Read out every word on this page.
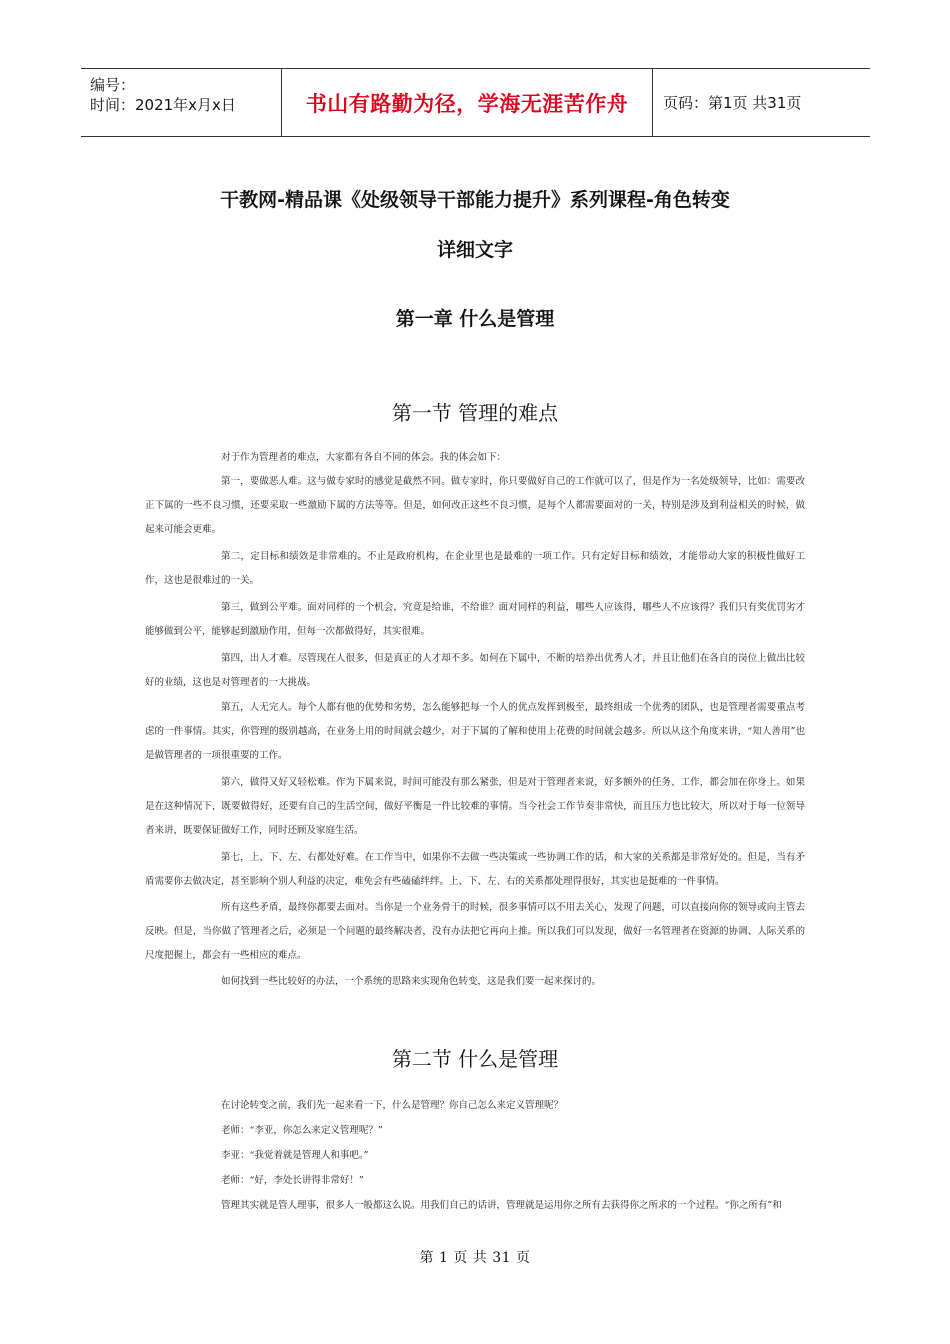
编号：
时间：2021年x月x日	书山有路勤为径，学海无涯苦作舟 页码：第1页 共31页
干教网-精品课《处级领导干部能力提升》系列课程-角色转变
详细文字
第一章 什么是管理
第一节 管理的难点

对于作为管理者的难点，大家都有各自不同的体会。我的体会如下：

第一，要做恶人难。这与做专家时的感觉是截然不同。做专家时，你只要做好自己的工作就可以了，但是作为一名处级领导，比如：需要改正下属的一些不良习惯，还要采取一些激励下属的方法等等。但是，如何改正这些不良习惯，是每个人都需要面对的一关，特别是涉及到利益相关的时候，做起来可能会更难。

第二，定目标和绩效是非常难的。不止是政府机构，在企业里也是最难的一项工作。只有定好目标和绩效，才能带动大家的积极性做好工作，这也是很难过的一关。

第三，做到公平难。面对同样的一个机会，究竟是给谁，不给谁？面对同样的利益，哪些人应该得，哪些人不应该得？我们只有奖优罚劣才能够做到公平，能够起到激励作用，但每一次都做得好，其实很难。

第四，出人才难。尽管现在人很多，但是真正的人才却不多。如何在下属中，不断的培养出优秀人才，并且让他们在各自的岗位上做出比较好的业绩，这也是对管理者的一大挑战。

第五，人无完人。每个人都有他的优势和劣势，怎么能够把每一个人的优点发挥到极至，最终组成一个优秀的团队，也是管理者需要重点考虑的一件事情。其实，你管理的级别越高，在业务上用的时间就会越少，对于下属的了解和使用上花费的时间就会越多。所以从这个角度来讲，“知人善用”也是做管理者的一项很重要的工作。

第六，做得又好又轻松难。作为下属来说，时间可能没有那么紧张，但是对于管理者来说，好多额外的任务、工作，都会加在你身上。如果是在这种情况下，既要做得好，还要有自己的生活空间，做好平衡是一件比较难的事情。当今社会工作节奏非常快，而且压力也比较大，所以对于每一位领导者来讲，既要保证做好工作，同时还顾及家庭生活。

第七，上、下、左、右都处好难。在工作当中，如果你不去做一些决策或一些协调工作的话，和大家的关系都是非常好处的。但是，当有矛盾需要你去做决定，甚至影响个别人利益的决定，难免会有些磕磕绊绊。上、下、左、右的关系都处理得很好，其实也是挺难的一件事情。

所有这些矛盾，最终你都要去面对。当你是一个业务骨干的时候，很多事情可以不用去关心，发现了问题，可以直接向你的领导或向主管去反映。但是，当你做了管理者之后，必须是一个问题的最终解决者，没有办法把它再向上推。所以我们可以发现，做好一名管理者在资源的协调、人际关系的尺度把握上，都会有一些相应的难点。

如何找到一些比较好的办法，一个系统的思路来实现角色转变，这是我们要一起来探讨的。

第二节 什么是管理

在讨论转变之前，我们先一起来看一下，什么是管理？你自己怎么来定义管理呢？

老师：“李亚，你怎么来定义管理呢？”

李亚：“我觉着就是管理人和事吧。”

老师：“好，李处长讲得非常好！”

管理其实就是管人理事，很多人一般都这么说。用我们自己的话讲，管理就是运用你之所有去获得你之所求的一个过程。“你之所有”和

第 1 页 共 31 页
